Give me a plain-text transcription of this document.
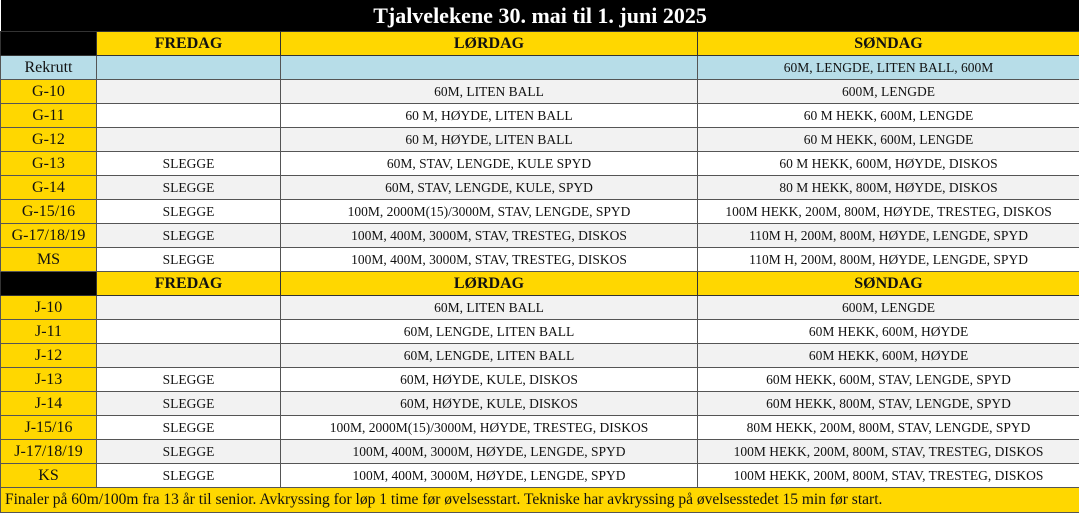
Tjalvelekene 30. mai til 1. juni 2025			
	FREDAG	LØRDAG	SØNDAG
Rekrutt			60M, LENGDE, LITEN BALL, 600M
G-10		60M, LITEN BALL	600M, LENGDE
G-11		60 M, HØYDE, LITEN BALL	60 M HEKK, 600M, LENGDE
G-12		60 M, HØYDE, LITEN BALL	60 M HEKK, 600M, LENGDE
G-13	SLEGGE	60M, STAV, LENGDE, KULE SPYD	60 M HEKK, 600M, HØYDE, DISKOS
G-14	SLEGGE	60M, STAV, LENGDE, KULE, SPYD	80 M HEKK, 800M, HØYDE, DISKOS
G-15/16	SLEGGE	100M, 2000M(15)/3000M, STAV, LENGDE, SPYD	100M HEKK, 200M, 800M, HØYDE, TRESTEG, DISKOS
G-17/18/19	SLEGGE	100M, 400M, 3000M, STAV, TRESTEG, DISKOS	110M H, 200M, 800M, HØYDE, LENGDE, SPYD
MS	SLEGGE	100M, 400M, 3000M, STAV, TRESTEG, DISKOS	110M H, 200M, 800M, HØYDE, LENGDE, SPYD
	FREDAG	LØRDAG	SØNDAG
J-10		60M, LITEN BALL	600M, LENGDE
J-11		60M, LENGDE, LITEN BALL	60M HEKK, 600M, HØYDE
J-12		60M, LENGDE, LITEN BALL	60M HEKK, 600M, HØYDE
J-13	SLEGGE	60M, HØYDE, KULE, DISKOS	60M HEKK, 600M, STAV, LENGDE, SPYD
J-14	SLEGGE	60M, HØYDE, KULE, DISKOS	60M HEKK, 800M, STAV, LENGDE, SPYD
J-15/16	SLEGGE	100M, 2000M(15)/3000M, HØYDE, TRESTEG, DISKOS	80M HEKK, 200M, 800M, STAV, LENGDE, SPYD
J-17/18/19	SLEGGE	100M, 400M, 3000M, HØYDE, LENGDE, SPYD	100M HEKK, 200M, 800M, STAV, TRESTEG, DISKOS
KS	SLEGGE	100M, 400M, 3000M, HØYDE, LENGDE, SPYD	100M HEKK, 200M, 800M, STAV, TRESTEG, DISKOS
Finaler på 60m/100m fra 13 år til senior. Avkryssing for løp 1 time før øvelsesstart. Tekniske har avkryssing på øvelsesstedet 15 min før start.			
